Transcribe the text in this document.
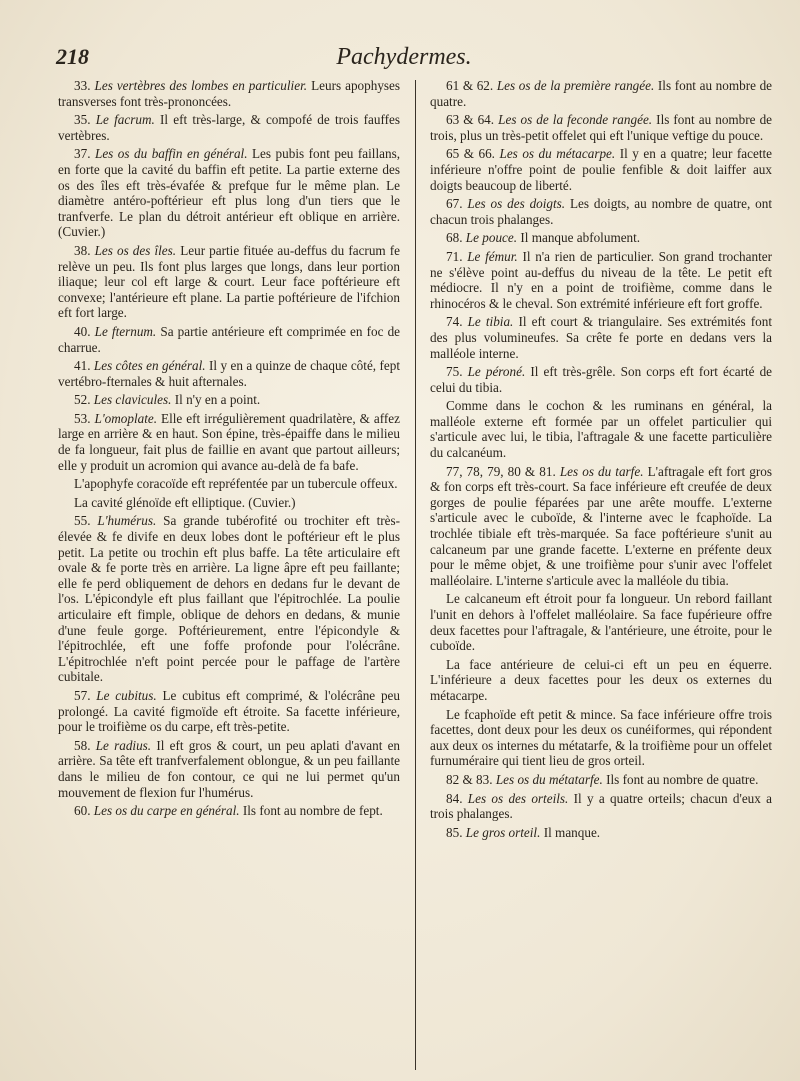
218	Pachydermes.

33. Les vertèbres des lombes en particulier. Leurs apophyses transverses font très-prononcées.

35. Le facrum. Il eft très-large, & compofé de trois fauffes vertèbres.

37. Les os du baffin en général. Les pubis font peu faillans, en forte que la cavité du baffin eft petite. La partie externe des os des îles eft très-évafée & prefque fur le même plan. Le diamètre antéro-poftérieur eft plus long d'un tiers que le tranfverfe. Le plan du détroit antérieur eft oblique en arrière. (Cuvier.)

38. Les os des îles. Leur partie fituée au-deffus du facrum fe relève un peu. Ils font plus larges que longs, dans leur portion iliaque; leur col eft large & court. Leur face poftérieure eft convexe; l'antérieure eft plane. La partie poftérieure de l'ifchion eft fort large.

40. Le fternum. Sa partie antérieure eft comprimée en foc de charrue.

41. Les côtes en général. Il y en a quinze de chaque côté, fept vertébro-fternales & huit afternales.

52. Les clavicules. Il n'y en a point.

53. L'omoplate. Elle eft irrégulièrement quadrilatère, & affez large en arrière & en haut. Son épine, très-épaiffe dans le milieu de fa longueur, fait plus de faillie en avant que partout ailleurs; elle y produit un acromion qui avance au-delà de fa bafe.

L'apophyfe coracoïde eft repréfentée par un tubercule offeux.

La cavité glénoïde eft elliptique. (Cuvier.)

55. L'humérus. Sa grande tubérofité ou trochiter eft très-élevée & fe divife en deux lobes dont le poftérieur eft le plus petit. La petite ou trochin eft plus baffe. La tête articulaire eft ovale & fe porte très en arrière. La ligne âpre eft peu faillante; elle fe perd obliquement de dehors en dedans fur le devant de l'os. L'épicondyle eft plus faillant que l'épitrochlée. La poulie articulaire eft fimple, oblique de dehors en dedans, & munie d'une feule gorge. Poftérieurement, entre l'épicondyle & l'épitrochlée, eft une foffe profonde pour l'olécrâne. L'épitrochlée n'eft point percée pour le paffage de l'artère cubitale.

57. Le cubitus. Le cubitus eft comprimé, & l'olécrâne peu prolongé. La cavité figmoïde eft étroite. Sa facette inférieure, pour le troifième os du carpe, eft très-petite.

58. Le radius. Il eft gros & court, un peu aplati d'avant en arrière. Sa tête eft tranfverfalement oblongue, & un peu faillante dans le milieu de fon contour, ce qui ne lui permet qu'un mouvement de flexion fur l'humérus.

60. Les os du carpe en général. Ils font au nombre de fept.

61 & 62. Les os de la première rangée. Ils font au nombre de quatre.

63 & 64. Les os de la feconde rangée. Ils font au nombre de trois, plus un très-petit offelet qui eft l'unique veftige du pouce.

65 & 66. Les os du métacarpe. Il y en a quatre; leur facette inférieure n'offre point de poulie fenfible & doit laiffer aux doigts beaucoup de liberté.

67. Les os des doigts. Les doigts, au nombre de quatre, ont chacun trois phalanges.

68. Le pouce. Il manque abfolument.

71. Le fémur. Il n'a rien de particulier. Son grand trochanter ne s'élève point au-deffus du niveau de la tête. Le petit eft médiocre. Il n'y en a point de troifième, comme dans le rhinocéros & le cheval. Son extrémité inférieure eft fort groffe.

74. Le tibia. Il eft court & triangulaire. Ses extrémités font des plus volumineufes. Sa crête fe porte en dedans vers la malléole interne.

75. Le péroné. Il eft très-grêle. Son corps eft fort écarté de celui du tibia.

Comme dans le cochon & les ruminans en général, la malléole externe eft formée par un offelet particulier qui s'articule avec lui, le tibia, l'aftragale & une facette particulière du calcanéum.

77, 78, 79, 80 & 81. Les os du tarfe. L'aftragale eft fort gros & fon corps eft très-court. Sa face inférieure eft creufée de deux gorges de poulie féparées par une arête mouffe. L'externe s'articule avec le cuboïde, & l'interne avec le fcaphoïde. La trochlée tibiale eft très-marquée. Sa face poftérieure s'unit au calcaneum par une grande facette. L'externe en préfente deux pour le même objet, & une troifième pour s'unir avec l'offelet malléolaire. L'interne s'articule avec la malléole du tibia.

Le calcaneum eft étroit pour fa longueur. Un rebord faillant l'unit en dehors à l'offelet malléolaire. Sa face fupérieure offre deux facettes pour l'aftragale, & l'antérieure, une étroite, pour le cuboïde.

La face antérieure de celui-ci eft un peu en équerre. L'inférieure a deux facettes pour les deux os externes du métacarpe.

Le fcaphoïde eft petit & mince. Sa face inférieure offre trois facettes, dont deux pour les deux os cunéiformes, qui répondent aux deux os internes du métatarfe, & la troifième pour un offelet furnuméraire qui tient lieu de gros orteil.

82 & 83. Les os du métatarfe. Ils font au nombre de quatre.

84. Les os des orteils. Il y a quatre orteils; chacun d'eux a trois phalanges.

85. Le gros orteil. Il manque.
